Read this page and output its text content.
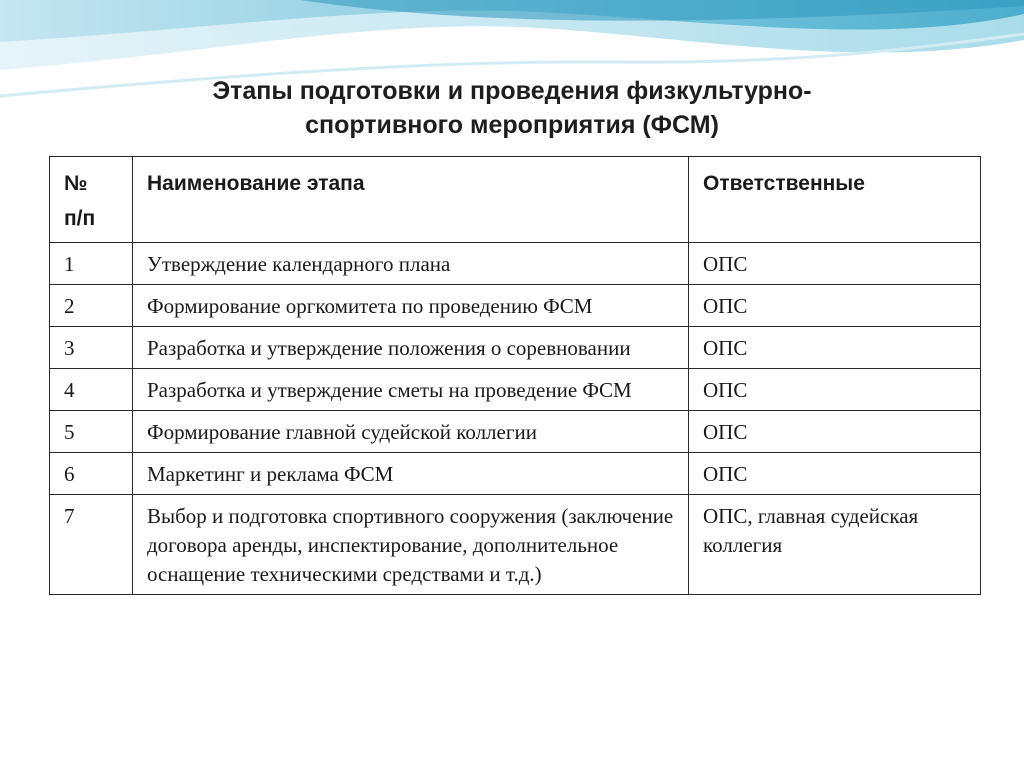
Этапы подготовки и проведения физкультурно-
спортивного мероприятия (ФСМ)
№
п/п	Наименование этапа	Ответственные
1	Утверждение календарного плана	ОПС
2	Формирование оргкомитета по проведению ФСМ	ОПС
3	Разработка и утверждение положения о соревновании	ОПС
4	Разработка и утверждение сметы на проведение ФСМ	ОПС
5	Формирование главной судейской коллегии	ОПС
6	Маркетинг и реклама ФСМ	ОПС
7	Выбор и подготовка спортивного сооружения (заключение договора аренды, инспектирование, дополнительное оснащение техническими средствами и т.д.)	ОПС, главная судейская коллегия
